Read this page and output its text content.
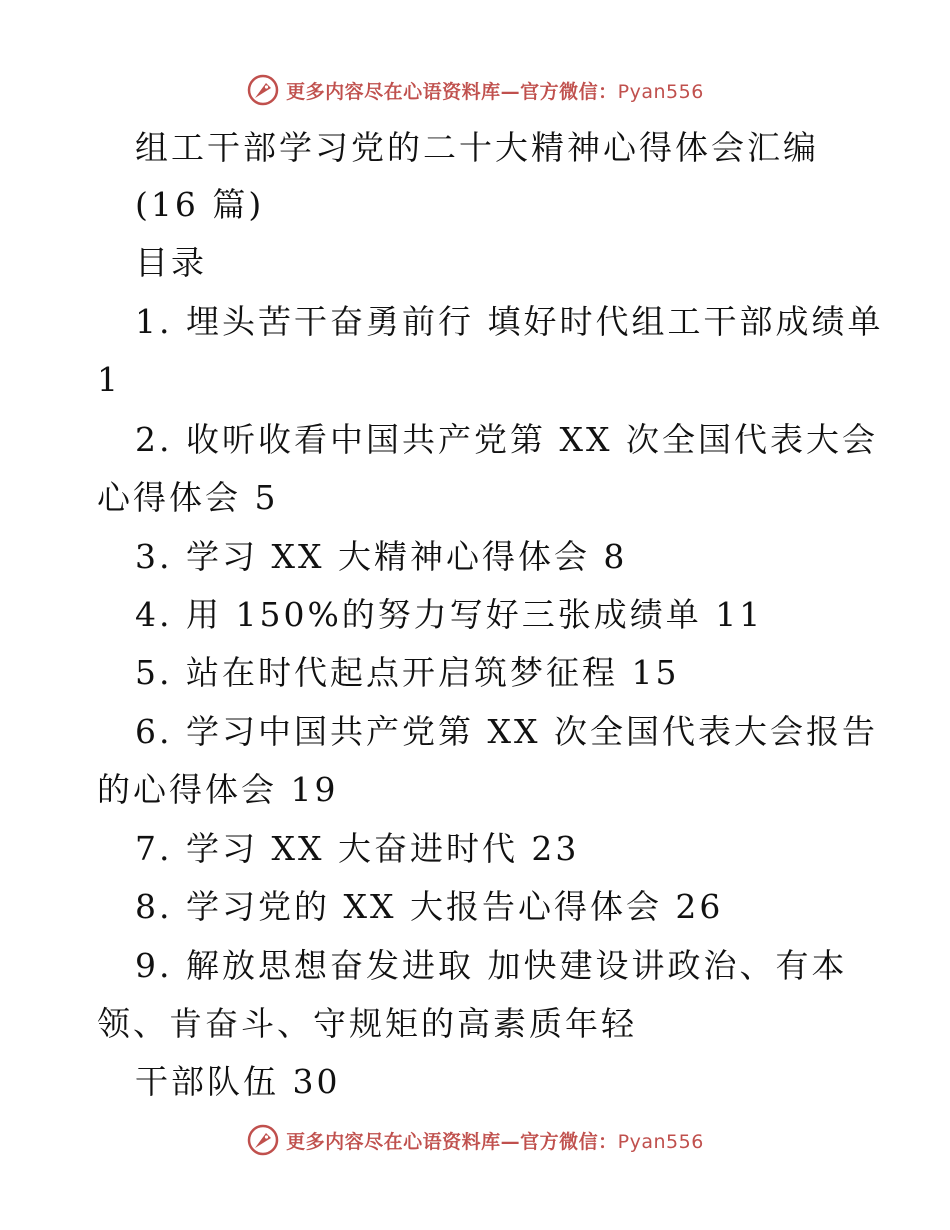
更多内容尽在心语资料库—官方微信：Pyan556
组工干部学习党的二十大精神心得体会汇编
(16 篇)
目录
1. 埋头苦干奋勇前行 填好时代组工干部成绩单
1
2. 收听收看中国共产党第 XX 次全国代表大会
心得体会 5
3. 学习 XX 大精神心得体会 8
4. 用 150%的努力写好三张成绩单 11
5. 站在时代起点开启筑梦征程 15
6. 学习中国共产党第 XX 次全国代表大会报告
的心得体会 19
7. 学习 XX 大奋进时代 23
8. 学习党的 XX 大报告心得体会 26
9. 解放思想奋发进取 加快建设讲政治、有本
领、肯奋斗、守规矩的高素质年轻
干部队伍 30
更多内容尽在心语资料库—官方微信：Pyan556
